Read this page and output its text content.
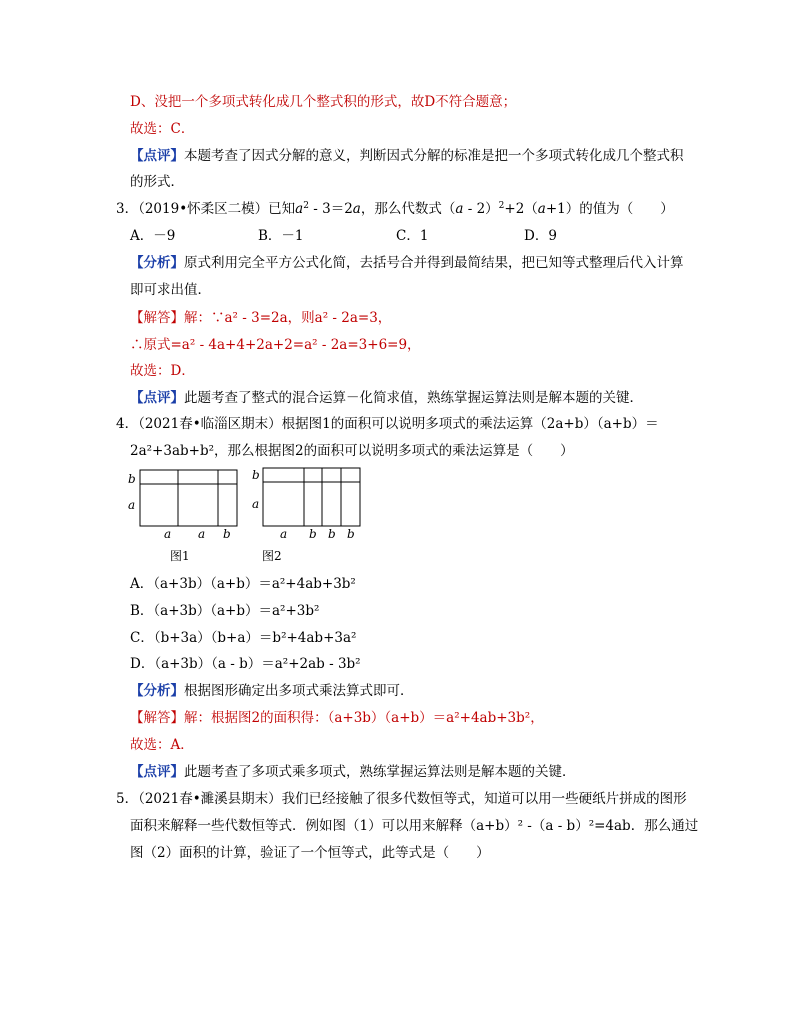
D、没把一个多项式转化成几个整式积的形式，故D不符合题意；
故选：C．
【点评】本题考查了因式分解的意义，判断因式分解的标准是把一个多项式转化成几个整式积
的形式．
3．（2019•怀柔区二模）已知$a^2 - 3=2a$，那么代数式（a - 2）$^2$+2（a+1）的值为（　　）
A．－9	B．－1	C．1	D．9
【分析】原式利用完全平方公式化简，去括号合并得到最简结果，把已知等式整理后代入计算
即可求出值．
【解答】解：∵a² - 3=2a，则a² - 2a=3，
∴原式=a² - 4a+4+2a+2=a² - 2a=3+6=9，
故选：D．
【点评】此题考查了整式的混合运算－化简求值，熟练掌握运算法则是解本题的关键．
4．（2021春•临淄区期末）根据图1的面积可以说明多项式的乘法运算（2a+b）（a+b）＝
2a²+3ab+b²，那么根据图2的面积可以说明多项式的乘法运算是（　　）
b
a
a a b
图1
b
a
a b b b
图2
A．（a+3b）（a+b）＝a²+4ab+3b²
B．（a+3b）（a+b）＝a²+3b²
C．（b+3a）（b+a）＝b²+4ab+3a²
D．（a+3b）（a - b）＝a²+2ab - 3b²
【分析】根据图形确定出多项式乘法算式即可．
【解答】解：根据图2的面积得：（a+3b）（a+b）＝a²+4ab+3b²，
故选：A．
【点评】此题考查了多项式乘多项式，熟练掌握运算法则是解本题的关键．
5．（2021春•濉溪县期末）我们已经接触了很多代数恒等式，知道可以用一些硬纸片拼成的图形
面积来解释一些代数恒等式．例如图（1）可以用来解释（a+b）² -（a - b）²=4ab．那么通过
图（2）面积的计算，验证了一个恒等式，此等式是（　　）
